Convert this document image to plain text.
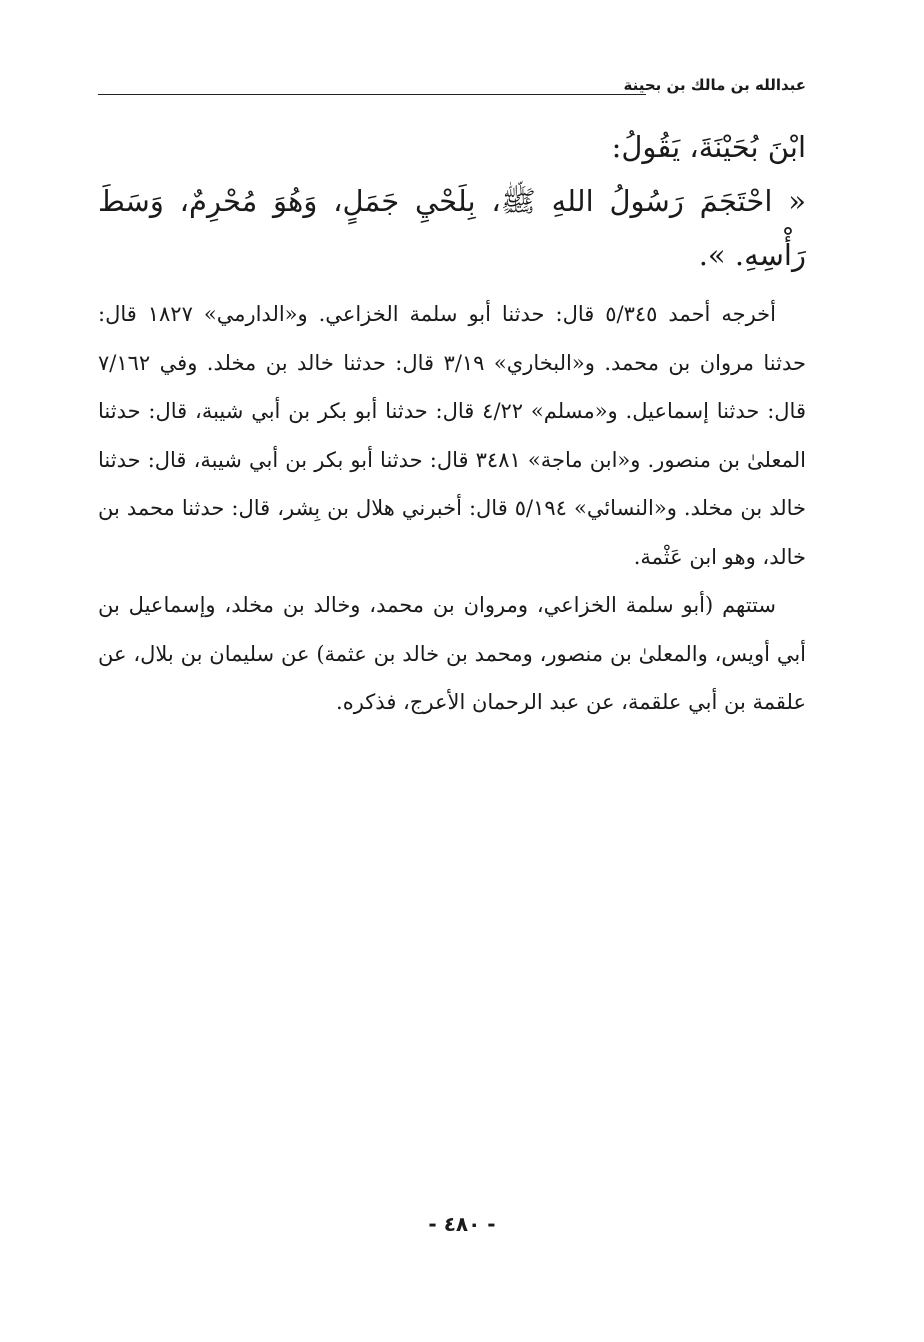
عبدالله بن مالك بن بحينة

ابْنَ بُحَيْنَةَ، يَقُولُ:

« احْتَجَمَ رَسُولُ اللهِ ﷺ، بِلَحْيِ جَمَلٍ، وَهُوَ مُحْرِمٌ، وَسَطَ رَأْسِهِ. ».

أخرجه أحمد ٥/٣٤٥ قال: حدثنا أبو سلمة الخزاعي. و«الدارمي» ١٨٢٧ قال: حدثنا مروان بن محمد. و«البخاري» ٣/١٩ قال: حدثنا خالد بن مخلد. وفي ٧/١٦٢ قال: حدثنا إسماعيل. و«مسلم» ٤/٢٢ قال: حدثنا أبو بكر بن أبي شيبة، قال: حدثنا المعلىٰ بن منصور. و«ابن ماجة» ٣٤٨١ قال: حدثنا أبو بكر بن أبي شيبة، قال: حدثنا خالد بن مخلد. و«النسائي» ٥/١٩٤ قال: أخبرني هلال بن بِشر، قال: حدثنا محمد بن خالد، وهو ابن عَثْمة.

ستتهم (أبو سلمة الخزاعي، ومروان بن محمد، وخالد بن مخلد، وإسماعيل بن أبي أويس، والمعلىٰ بن منصور، ومحمد بن خالد بن عثمة) عن سليمان بن بلال، عن علقمة بن أبي علقمة، عن عبد الرحمان الأعرج، فذكره.

- ٤٨٠ -
